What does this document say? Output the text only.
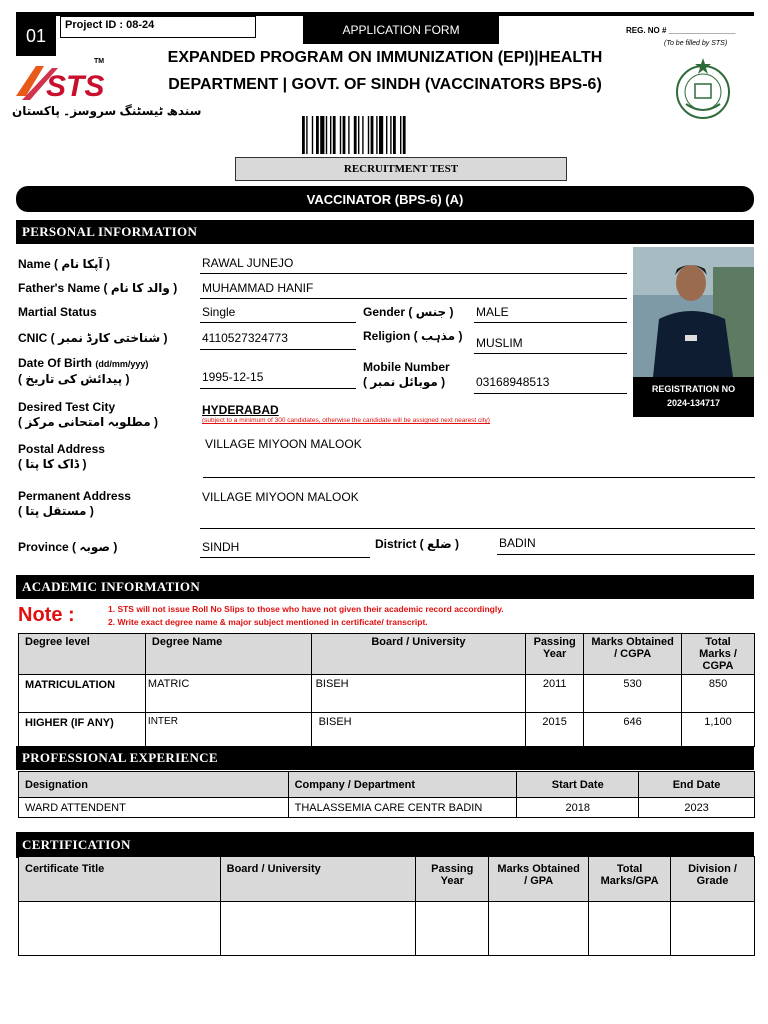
01
Project ID : 08-24	APPLICATION FORM	REG. NO # _______________
(To be filled by STS)
EXPANDED PROGRAM ON IMMUNIZATION (EPI)|HEALTH
DEPARTMENT | GOVT. OF SINDH (VACCINATORS BPS-6)
STS
TM
سندھ ٹیسٹنگ سروسز۔ پاکستان
RECRUITMENT TEST
VACCINATOR (BPS-6) (A)
PERSONAL INFORMATION
Name ( آپکا نام )	RAWAL JUNEJO
Father's Name ( والد کا نام ) MUHAMMAD HANIF
Martial Status	Single	Gender ( جنس ) MALE
CNIC ( شناختی کارڈ نمبر )	4110527324773	Religion ( مذہب ) MUSLIM
Date Of Birth (dd/mm/yyy)
( پیدائش کی تاریخ )	1995-12-15
Mobile Number
( موبائل نمبر )	03168948513
Desired Test City
( مطلوبہ امتحانی مرکز )
HYDERABAD
(subject to a minimum of 300 candidates, otherwise the candidate will be assigned next nearest city)
Postal Address
( ڈاک کا پتا )
VILLAGE MIYOON MALOOK
Permanent Address
( مستقل پتا )
VILLAGE MIYOON MALOOK
Province ( صوبہ )	SINDH	District ( ضلع )	BADIN
REGISTRATION NO
2024-134717
ACADEMIC INFORMATION
Note :	1. STS will not issue Roll No Slips to those who have not given their academic record accordingly.
2. Write exact degree name & major subject mentioned in certificate/ transcript.
Degree level	Degree Name	Board / University	Passing Year	Marks Obtained / CGPA	Total Marks / CGPA
MATRICULATION	MATRIC	BISEH	2011	530	850
HIGHER (IF ANY)	INTER	BISEH	2015	646	1,100
PROFESSIONAL EXPERIENCE
Designation	Company / Department	Start Date	End Date
WARD ATTENDENT	THALASSEMIA CARE CENTR BADIN	2018	2023
CERTIFICATION
Certificate Title	Board / University	Passing Year	Marks Obtained / GPA	Total Marks/GPA	Division / Grade
